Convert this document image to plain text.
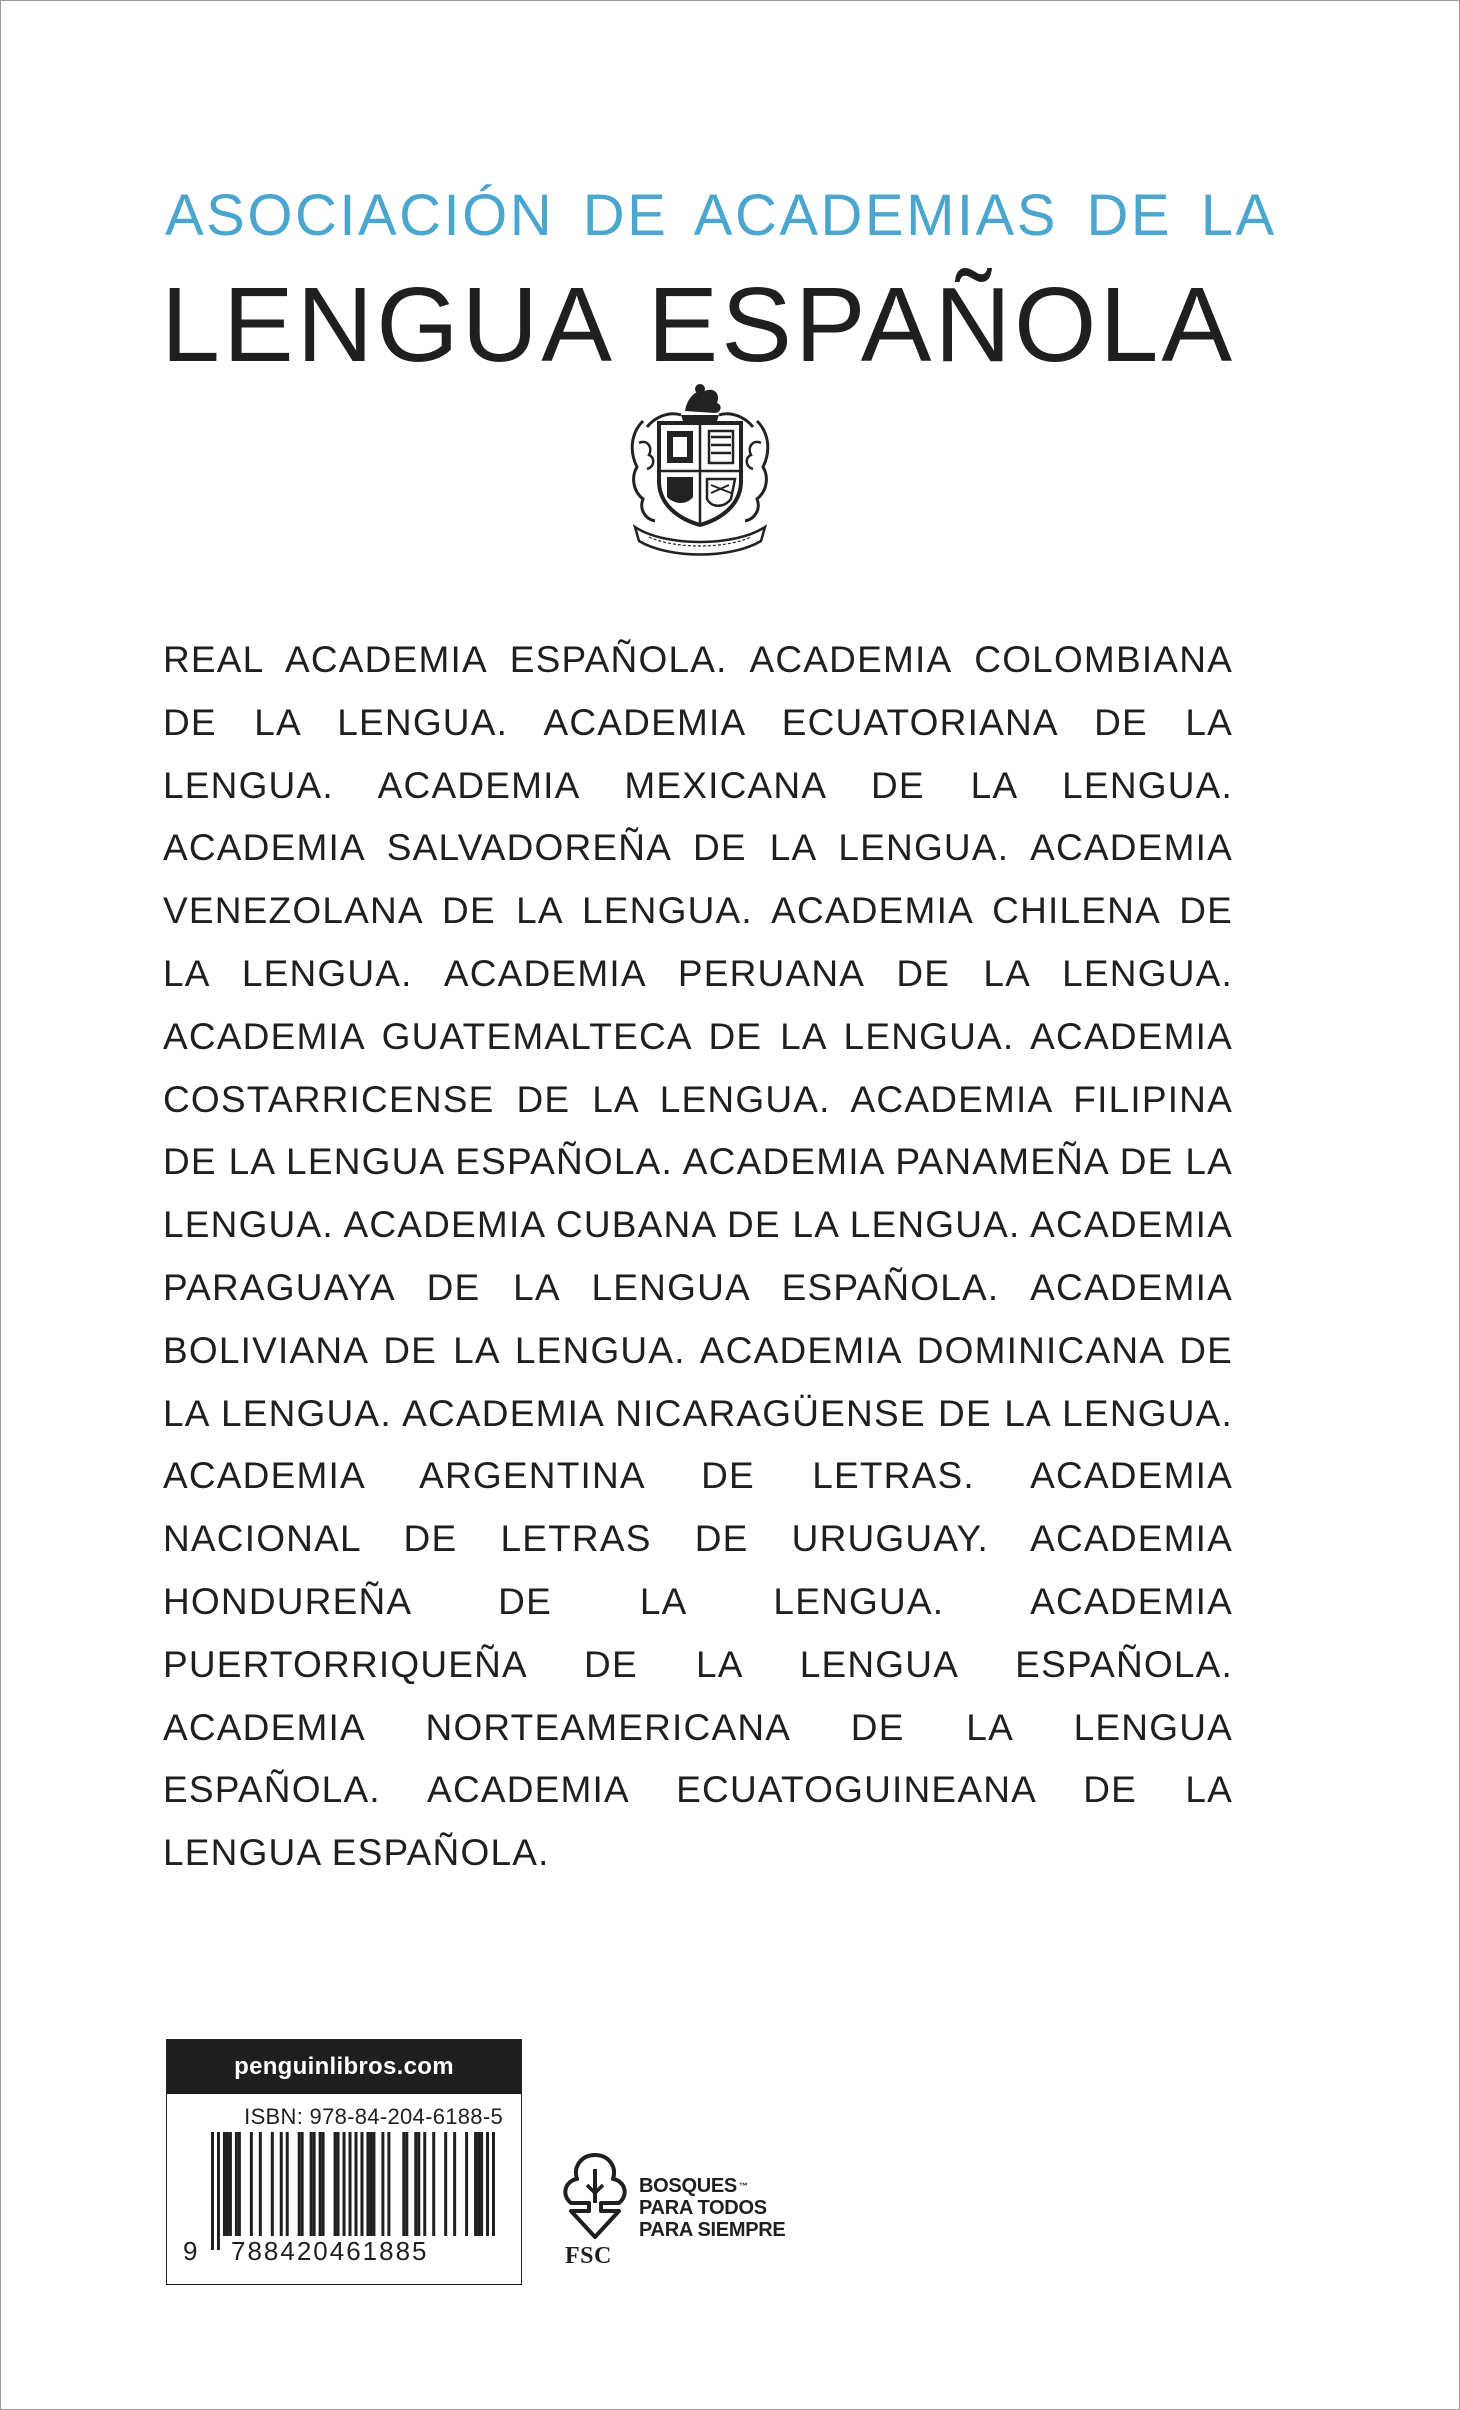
ASOCIACIÓN DE ACADEMIAS DE LA
LENGUA ESPAÑOLA

REAL ACADEMIA ESPAÑOLA. ACADEMIA COLOMBIANA DE LA LENGUA. ACADEMIA ECUATORIANA DE LA LENGUA. ACADEMIA MEXICANA DE LA LENGUA. ACADEMIA SALVADOREÑA DE LA LENGUA. ACADEMIA VENEZOLANA DE LA LENGUA. ACADEMIA CHILENA DE LA LENGUA. ACADEMIA PERUANA DE LA LENGUA. ACADEMIA GUATEMALTECA DE LA LENGUA. ACADEMIA COSTARRICENSE DE LA LENGUA. ACADEMIA FILIPINA DE LA LENGUA ESPAÑOLA. ACADEMIA PANAMEÑA DE LA LENGUA. ACADEMIA CUBANA DE LA LENGUA. ACADEMIA PARAGUAYA DE LA LENGUA ESPAÑOLA. ACADEMIA BOLIVIANA DE LA LENGUA. ACADEMIA DOMINICANA DE LA LENGUA. ACADEMIA NICARAGÜENSE DE LA LENGUA. ACADEMIA ARGENTINA DE LETRAS. ACADEMIA NACIONAL DE LETRAS DE URUGUAY. ACADEMIA HONDUREÑA DE LA LENGUA. ACADEMIA PUERTORRIQUEÑA DE LA LENGUA ESPAÑOLA. ACADEMIA NORTEAMERICANA DE LA LENGUA ESPAÑOLA. ACADEMIA ECUATOGUINEANA DE LA LENGUA ESPAÑOLA.

penguinlibros.com
ISBN: 978-84-204-6188-5
9 788420461885	FSC
BOSQUES ™
PARA TODOS
PARA SIEMPRE
